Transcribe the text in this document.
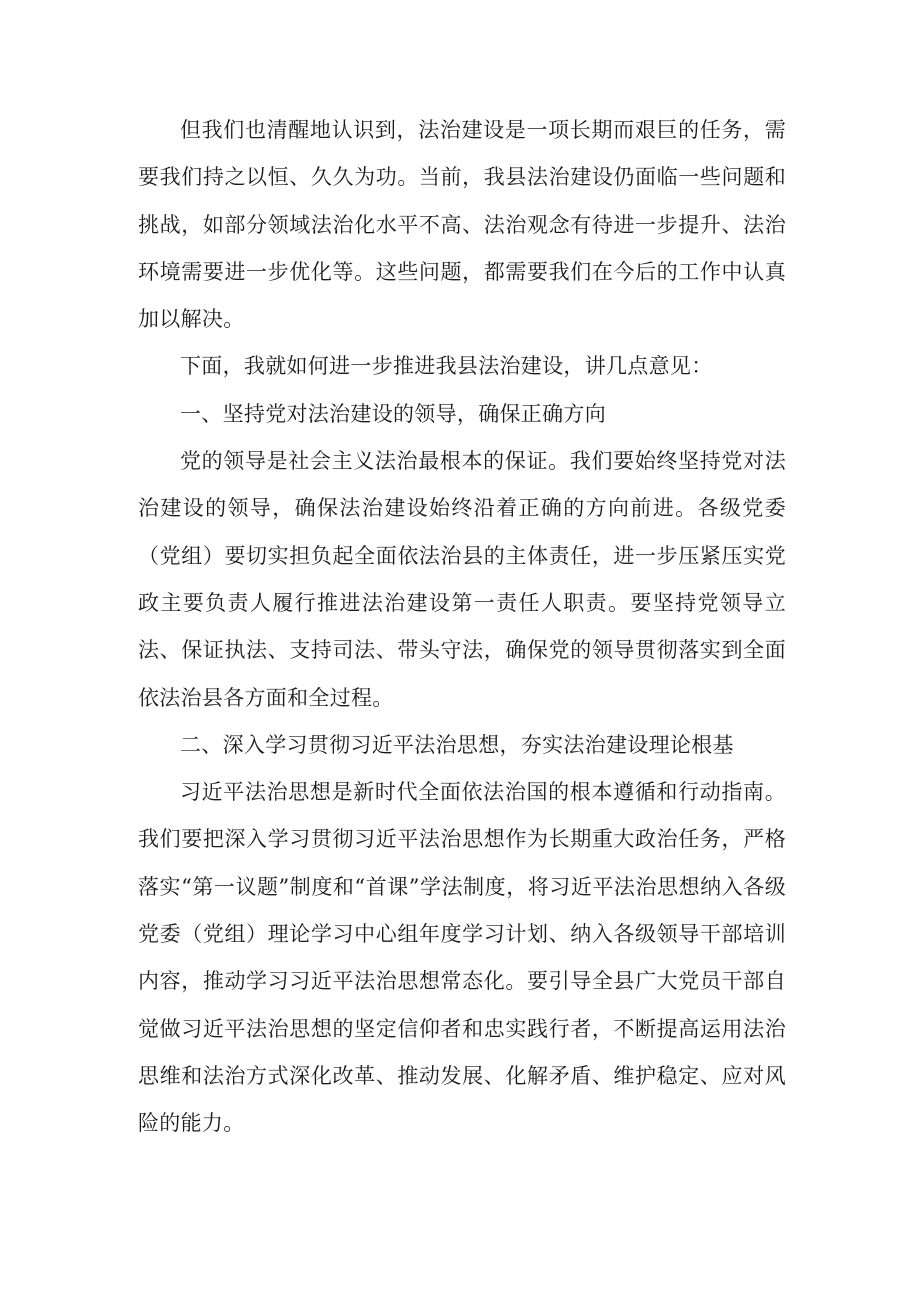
但我们也清醒地认识到，法治建设是一项长期而艰巨的任务，需要我们持之以恒、久久为功。当前，我县法治建设仍面临一些问题和挑战，如部分领域法治化水平不高、法治观念有待进一步提升、法治环境需要进一步优化等。这些问题，都需要我们在今后的工作中认真加以解决。

下面，我就如何进一步推进我县法治建设，讲几点意见：

一、坚持党对法治建设的领导，确保正确方向

党的领导是社会主义法治最根本的保证。我们要始终坚持党对法治建设的领导，确保法治建设始终沿着正确的方向前进。各级党委（党组）要切实担负起全面依法治县的主体责任，进一步压紧压实党政主要负责人履行推进法治建设第一责任人职责。要坚持党领导立法、保证执法、支持司法、带头守法，确保党的领导贯彻落实到全面依法治县各方面和全过程。

二、深入学习贯彻习近平法治思想，夯实法治建设理论根基

习近平法治思想是新时代全面依法治国的根本遵循和行动指南。我们要把深入学习贯彻习近平法治思想作为长期重大政治任务，严格落实“第一议题”制度和“首课”学法制度，将习近平法治思想纳入各级党委（党组）理论学习中心组年度学习计划、纳入各级领导干部培训内容，推动学习习近平法治思想常态化。要引导全县广大党员干部自觉做习近平法治思想的坚定信仰者和忠实践行者，不断提高运用法治思维和法治方式深化改革、推动发展、化解矛盾、维护稳定、应对风险的能力。
